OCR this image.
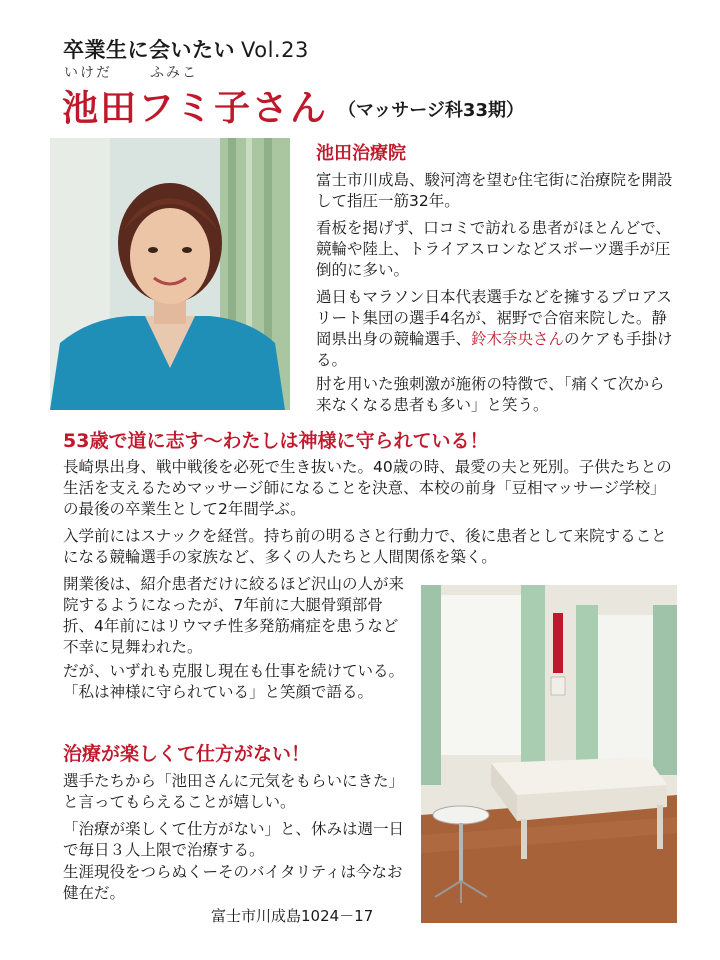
卒業生に会いたい Vol.23
いけだ	ふみこ
池田フミ子さん （マッサージ科33期）
池田治療院
富士市川成島、駿河湾を望む住宅街に治療院を開設して指圧一筋32年。
看板を掲げず、口コミで訪れる患者がほとんどで、競輪や陸上、トライアスロンなどスポーツ選手が圧倒的に多い。
過日もマラソン日本代表選手などを擁するプロアスリート集団の選手4名が、裾野で合宿来院した。静岡県出身の競輪選手、鈴木奈央さんのケアも手掛ける。
肘を用いた強刺激が施術の特徴で、「痛くて次から来なくなる患者も多い」と笑う。
53歳で道に志す～わたしは神様に守られている！
長崎県出身、戦中戦後を必死で生き抜いた。40歳の時、最愛の夫と死別。子供たちとの生活を支えるためマッサージ師になることを決意、本校の前身「豆相マッサージ学校」の最後の卒業生として2年間学ぶ。
入学前にはスナックを経営。持ち前の明るさと行動力で、後に患者として来院することになる競輪選手の家族など、多くの人たちと人間関係を築く。
開業後は、紹介患者だけに絞るほど沢山の人が来院するようになったが、7年前に大腿骨頸部骨折、4年前にはリウマチ性多発筋痛症を患うなど不幸に見舞われた。
だが、いずれも克服し現在も仕事を続けている。「私は神様に守られている」と笑顔で語る。
治療が楽しくて仕方がない！
選手たちから「池田さんに元気をもらいにきた」と言ってもらえることが嬉しい。
「治療が楽しくて仕方がない」と、休みは週一日で毎日３人上限で治療する。
生涯現役をつらぬくーそのバイタリティは今なお健在だ。
富士市川成島1024－17
